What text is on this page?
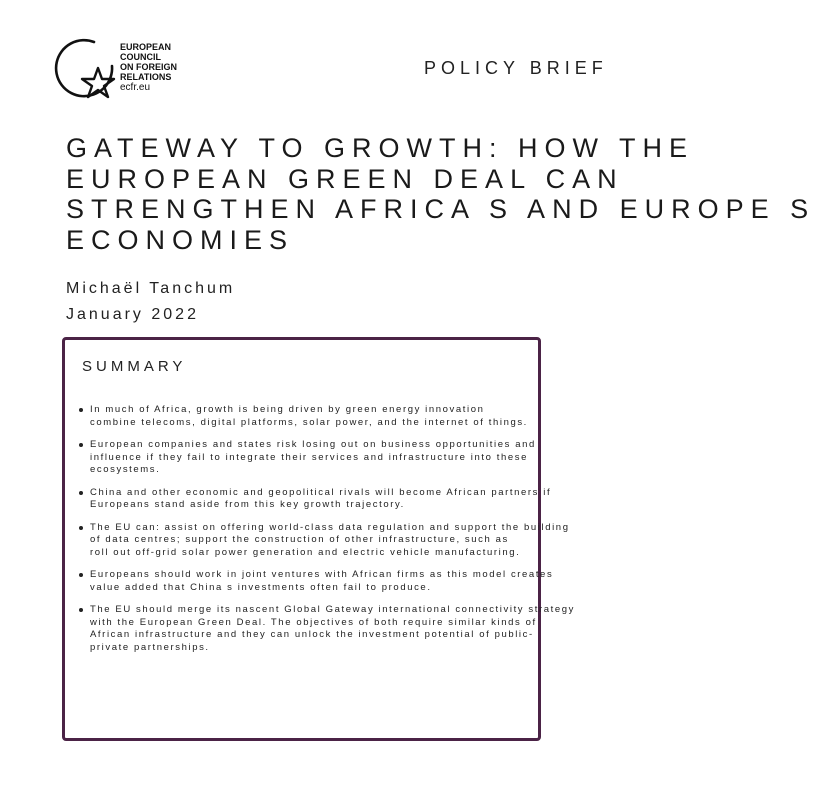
EUROPEAN
COUNCIL
ON FOREIGN
RELATIONS
ecfr.eu
POLICY BRIEF
GATEWAY TO GROWTH: HOW THE
EUROPEAN GREEN DEAL CAN
STRENGTHEN AFRICA S AND EUROPE S
ECONOMIES
Michaël Tanchum
January 2022
SUMMARY
In much of Africa, growth is being driven by green energy innovation
combine telecoms, digital platforms, solar power, and the internet of things.
European companies and states risk losing out on business opportunities and
influence if they fail to integrate their services and infrastructure into these
ecosystems.
China and other economic and geopolitical rivals will become African partners if
Europeans stand aside from this key growth trajectory.
The EU can: assist on offering world-class data regulation and support the building
of data centres; support the construction of other infrastructure, such as
roll out off-grid solar power generation and electric vehicle manufacturing.
Europeans should work in joint ventures with African firms as this model creates
value added that China s investments often fail to produce.
The EU should merge its nascent Global Gateway international connectivity strategy
with the European Green Deal. The objectives of both require similar kinds of
African infrastructure and they can unlock the investment potential of public-
private partnerships.
